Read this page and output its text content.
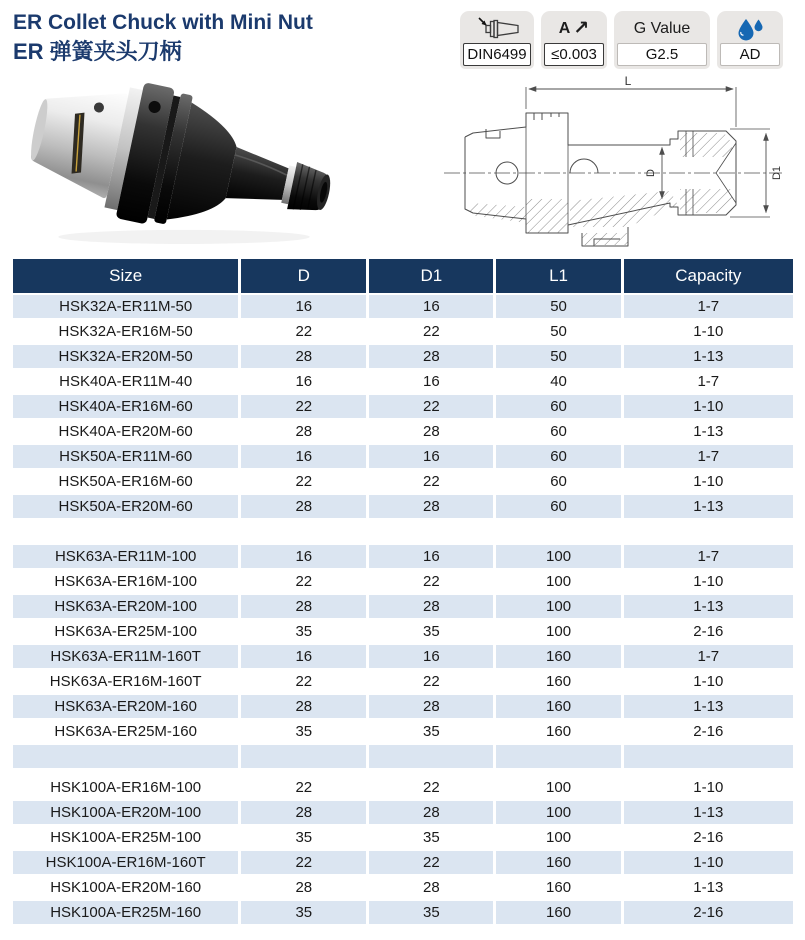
ER Collet Chuck with Mini Nut
ER 弹簧夹头刀柄	DIN6499
A ↗
≤0.003
G Value
G2.5	AD
L
D	D1
Size	D	D1	L1	Capacity
HSK32A-ER11M-50	16	16	50	1-7
HSK32A-ER16M-50	22	22	50	1-10
HSK32A-ER20M-50	28	28	50	1-13
HSK40A-ER11M-40	16	16	40	1-7
HSK40A-ER16M-60	22	22	60	1-10
HSK40A-ER20M-60	28	28	60	1-13
HSK50A-ER11M-60	16	16	60	1-7
HSK50A-ER16M-60	22	22	60	1-10
HSK50A-ER20M-60	28	28	60	1-13
HSK63A-ER11M-100	16	16	100	1-7
HSK63A-ER16M-100	22	22	100	1-10
HSK63A-ER20M-100	28	28	100	1-13
HSK63A-ER25M-100	35	35	100	2-16
HSK63A-ER11M-160T	16	16	160	1-7
HSK63A-ER16M-160T	22	22	160	1-10
HSK63A-ER20M-160	28	28	160	1-13
HSK63A-ER25M-160	35	35	160	2-16
HSK100A-ER16M-100	22	22	100	1-10
HSK100A-ER20M-100	28	28	100	1-13
HSK100A-ER25M-100	35	35	100	2-16
HSK100A-ER16M-160T	22	22	160	1-10
HSK100A-ER20M-160	28	28	160	1-13
HSK100A-ER25M-160	35	35	160	2-16
